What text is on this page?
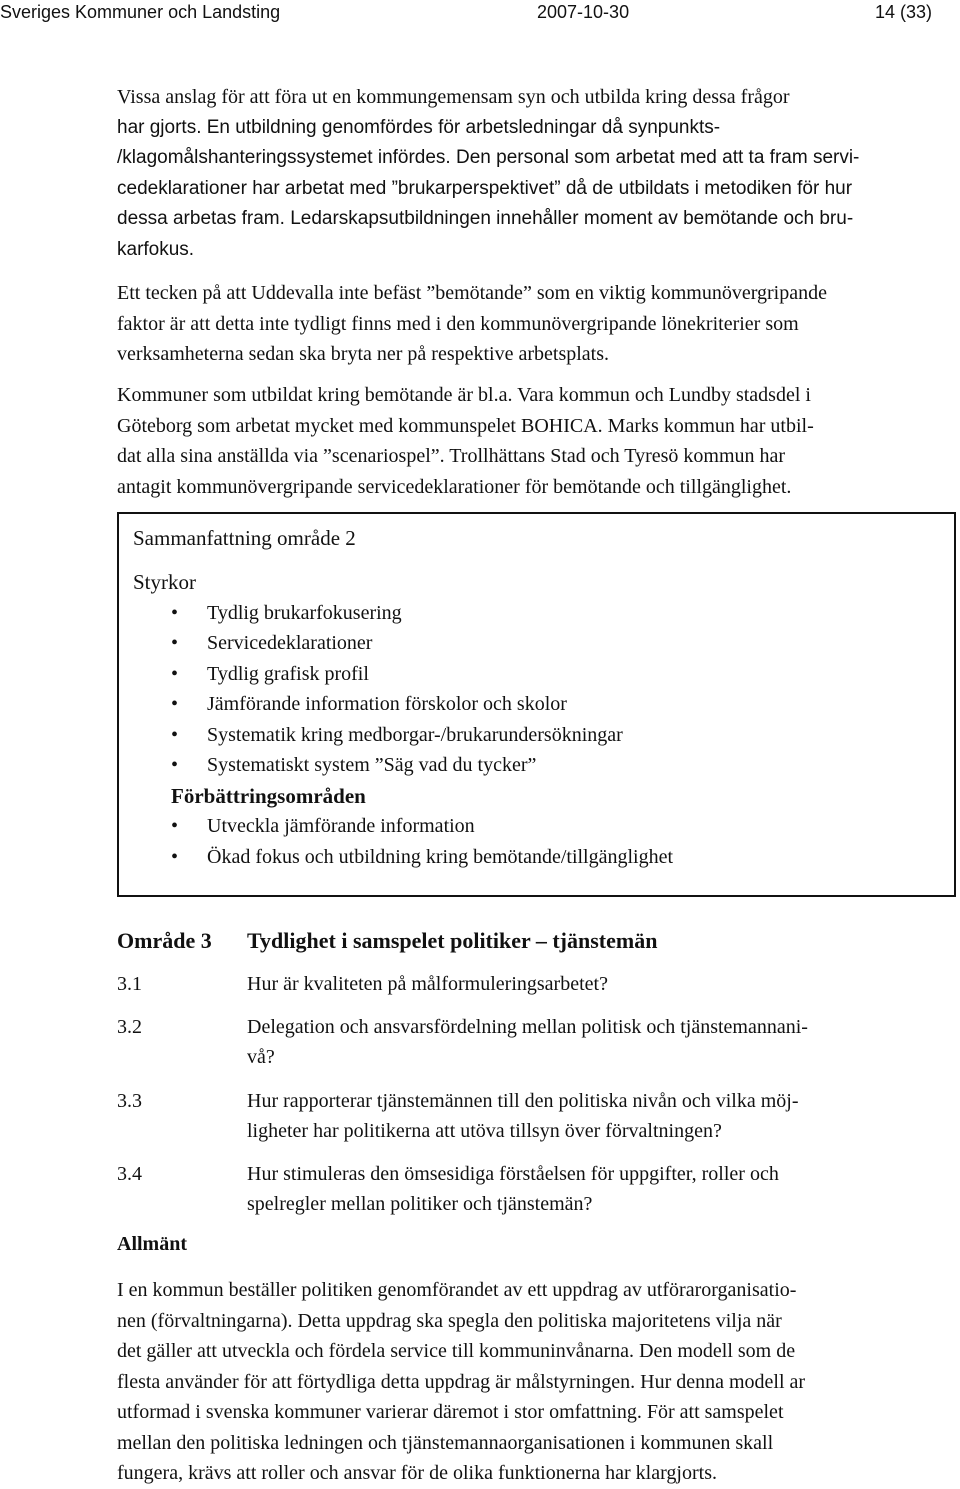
Sveriges Kommuner och Landsting	2007-10-30	14 (33)
Vissa anslag för att föra ut en kommungemensam syn och utbilda kring dessa frågor
har gjorts. En utbildning genomfördes för arbetsledningar då synpunkts-
/klagomålshanteringssystemet infördes. Den personal som arbetat med att ta fram servi-
cedeklarationer har arbetat med ”brukarperspektivet” då de utbildats i metodiken för hur
dessa arbetas fram. Ledarskapsutbildningen innehåller moment av bemötande och bru-
karfokus.
Ett tecken på att Uddevalla inte befäst ”bemötande” som en viktig kommunövergripande
faktor är att detta inte tydligt finns med i den kommunövergripande lönekriterier som
verksamheterna sedan ska bryta ner på respektive arbetsplats.
Kommuner som utbildat kring bemötande är bl.a. Vara kommun och Lundby stadsdel i
Göteborg som arbetat mycket med kommunspelet BOHICA. Marks kommun har utbil-
dat alla sina anställda via ”scenariospel”. Trollhättans Stad och Tyresö kommun har
antagit kommunövergripande servicedeklarationer för bemötande och tillgänglighet.
Sammanfattning område 2
Styrkor
• Tydlig brukarfokusering
• Servicedeklarationer
• Tydlig grafisk profil
• Jämförande information förskolor och skolor
• Systematik kring medborgar-/brukarundersökningar
• Systematiskt system ”Säg vad du tycker”
Förbättringsområden
• Utveckla jämförande information
• Ökad fokus och utbildning kring bemötande/tillgänglighet
Område 3 Tydlighet i samspelet politiker – tjänstemän
3.1	Hur är kvaliteten på målformuleringsarbetet?
3.2	Delegation och ansvarsfördelning mellan politisk och tjänstemannani-
vå?
3.3	Hur rapporterar tjänstemännen till den politiska nivån och vilka möj-
ligheter har politikerna att utöva tillsyn över förvaltningen?
3.4	Hur stimuleras den ömsesidiga förståelsen för uppgifter, roller och
spelregler mellan politiker och tjänstemän?
Allmänt
I en kommun beställer politiken genomförandet av ett uppdrag av utförarorganisatio-
nen (förvaltningarna). Detta uppdrag ska spegla den politiska majoritetens vilja när
det gäller att utveckla och fördela service till kommuninvånarna. Den modell som de
flesta använder för att förtydliga detta uppdrag är målstyrningen. Hur denna modell ar
utformad i svenska kommuner varierar däremot i stor omfattning. För att samspelet
mellan den politiska ledningen och tjänstemannaorganisationen i kommunen skall
fungera, krävs att roller och ansvar för de olika funktionerna har klargjorts.
